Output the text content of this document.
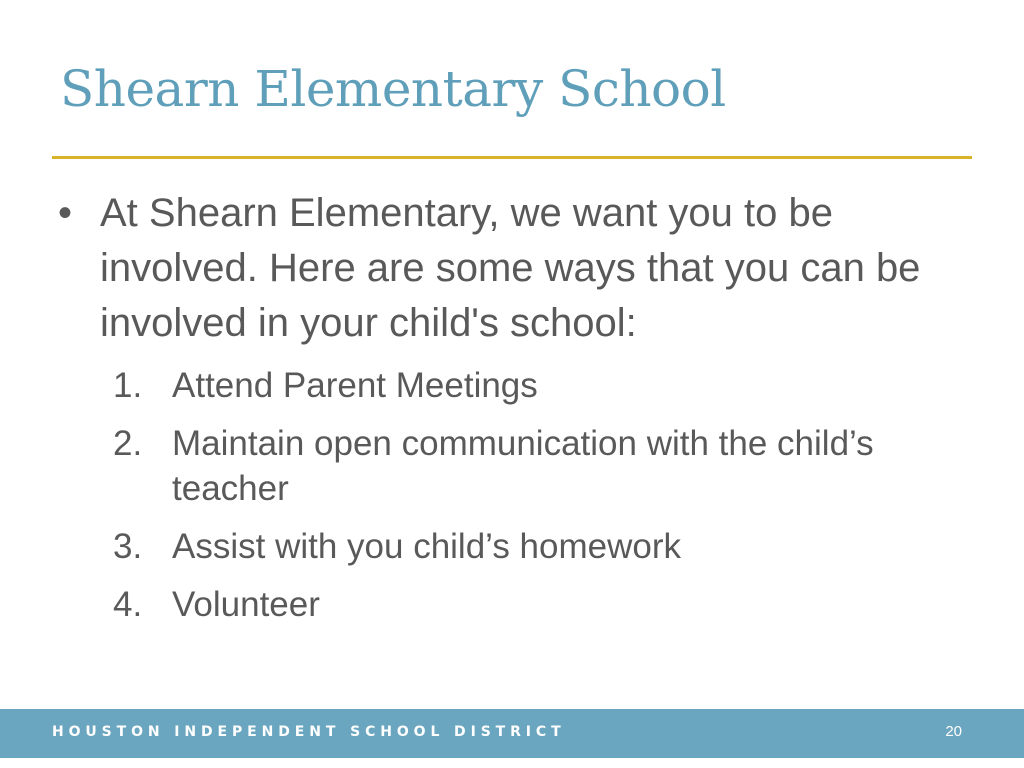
Shearn Elementary School
• At Shearn Elementary, we want you to be involved. Here are some ways that you can be involved in your child's school:
1. Attend Parent Meetings
2. Maintain open communication with the child’s teacher
3. Assist with you child’s homework
4. Volunteer
HOUSTON INDEPENDENT SCHOOL DISTRICT	20
